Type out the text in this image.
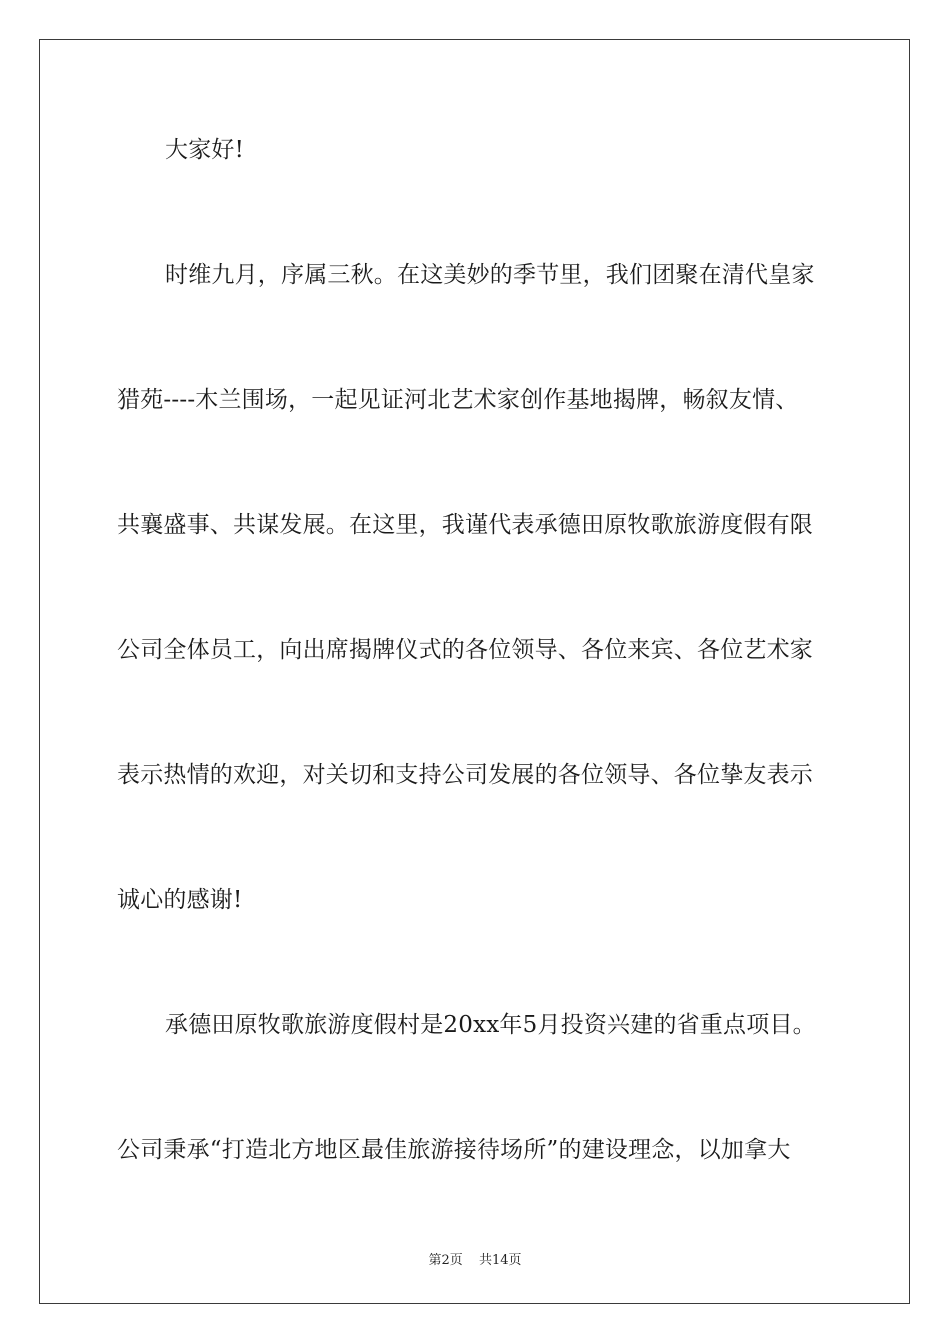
大家好!
时维九月，序属三秋。在这美妙的季节里，我们团聚在清代皇家
猎苑----木兰围场，一起见证河北艺术家创作基地揭牌，畅叙友情、
共襄盛事、共谋发展。在这里，我谨代表承德田原牧歌旅游度假有限
公司全体员工，向出席揭牌仪式的各位领导、各位来宾、各位艺术家
表示热情的欢迎，对关切和支持公司发展的各位领导、各位挚友表示
诚心的感谢!
承德田原牧歌旅游度假村是20xx年5月投资兴建的省重点项目。
公司秉承“打造北方地区最佳旅游接待场所”的建设理念，以加拿大
第2页 共14页
